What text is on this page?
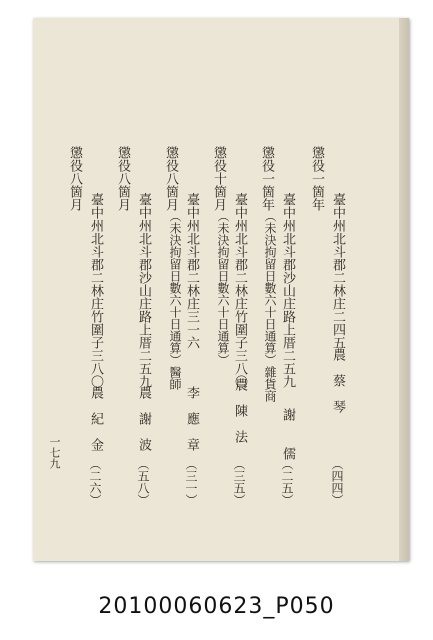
懲役一箇年
臺中州北斗郡二林庄二四五
農　蔡　琴
（四四）
懲役一箇年
臺中州北斗郡沙山庄路上厝二五九
（未決拘留日數六十日通算）雜貨商
謝　　儒
（二五）
懲役十箇月
臺中州北斗郡二林庄竹圍子三八〇
（未決拘留日數六十日通算）
農　陳　法
（三五）
懲役八箇月
臺中州北斗郡二林庄三一六
（未決拘留日數六十日通算）醫師
李　應　章
（三一）
懲役八箇月
臺中州北斗郡沙山庄路上厝二五九
農　謝　波
（五八）
懲役八箇月
臺中州北斗郡二林庄竹圍子三八〇
農　紀　金
（二六）
一七九
20100060623_P050
